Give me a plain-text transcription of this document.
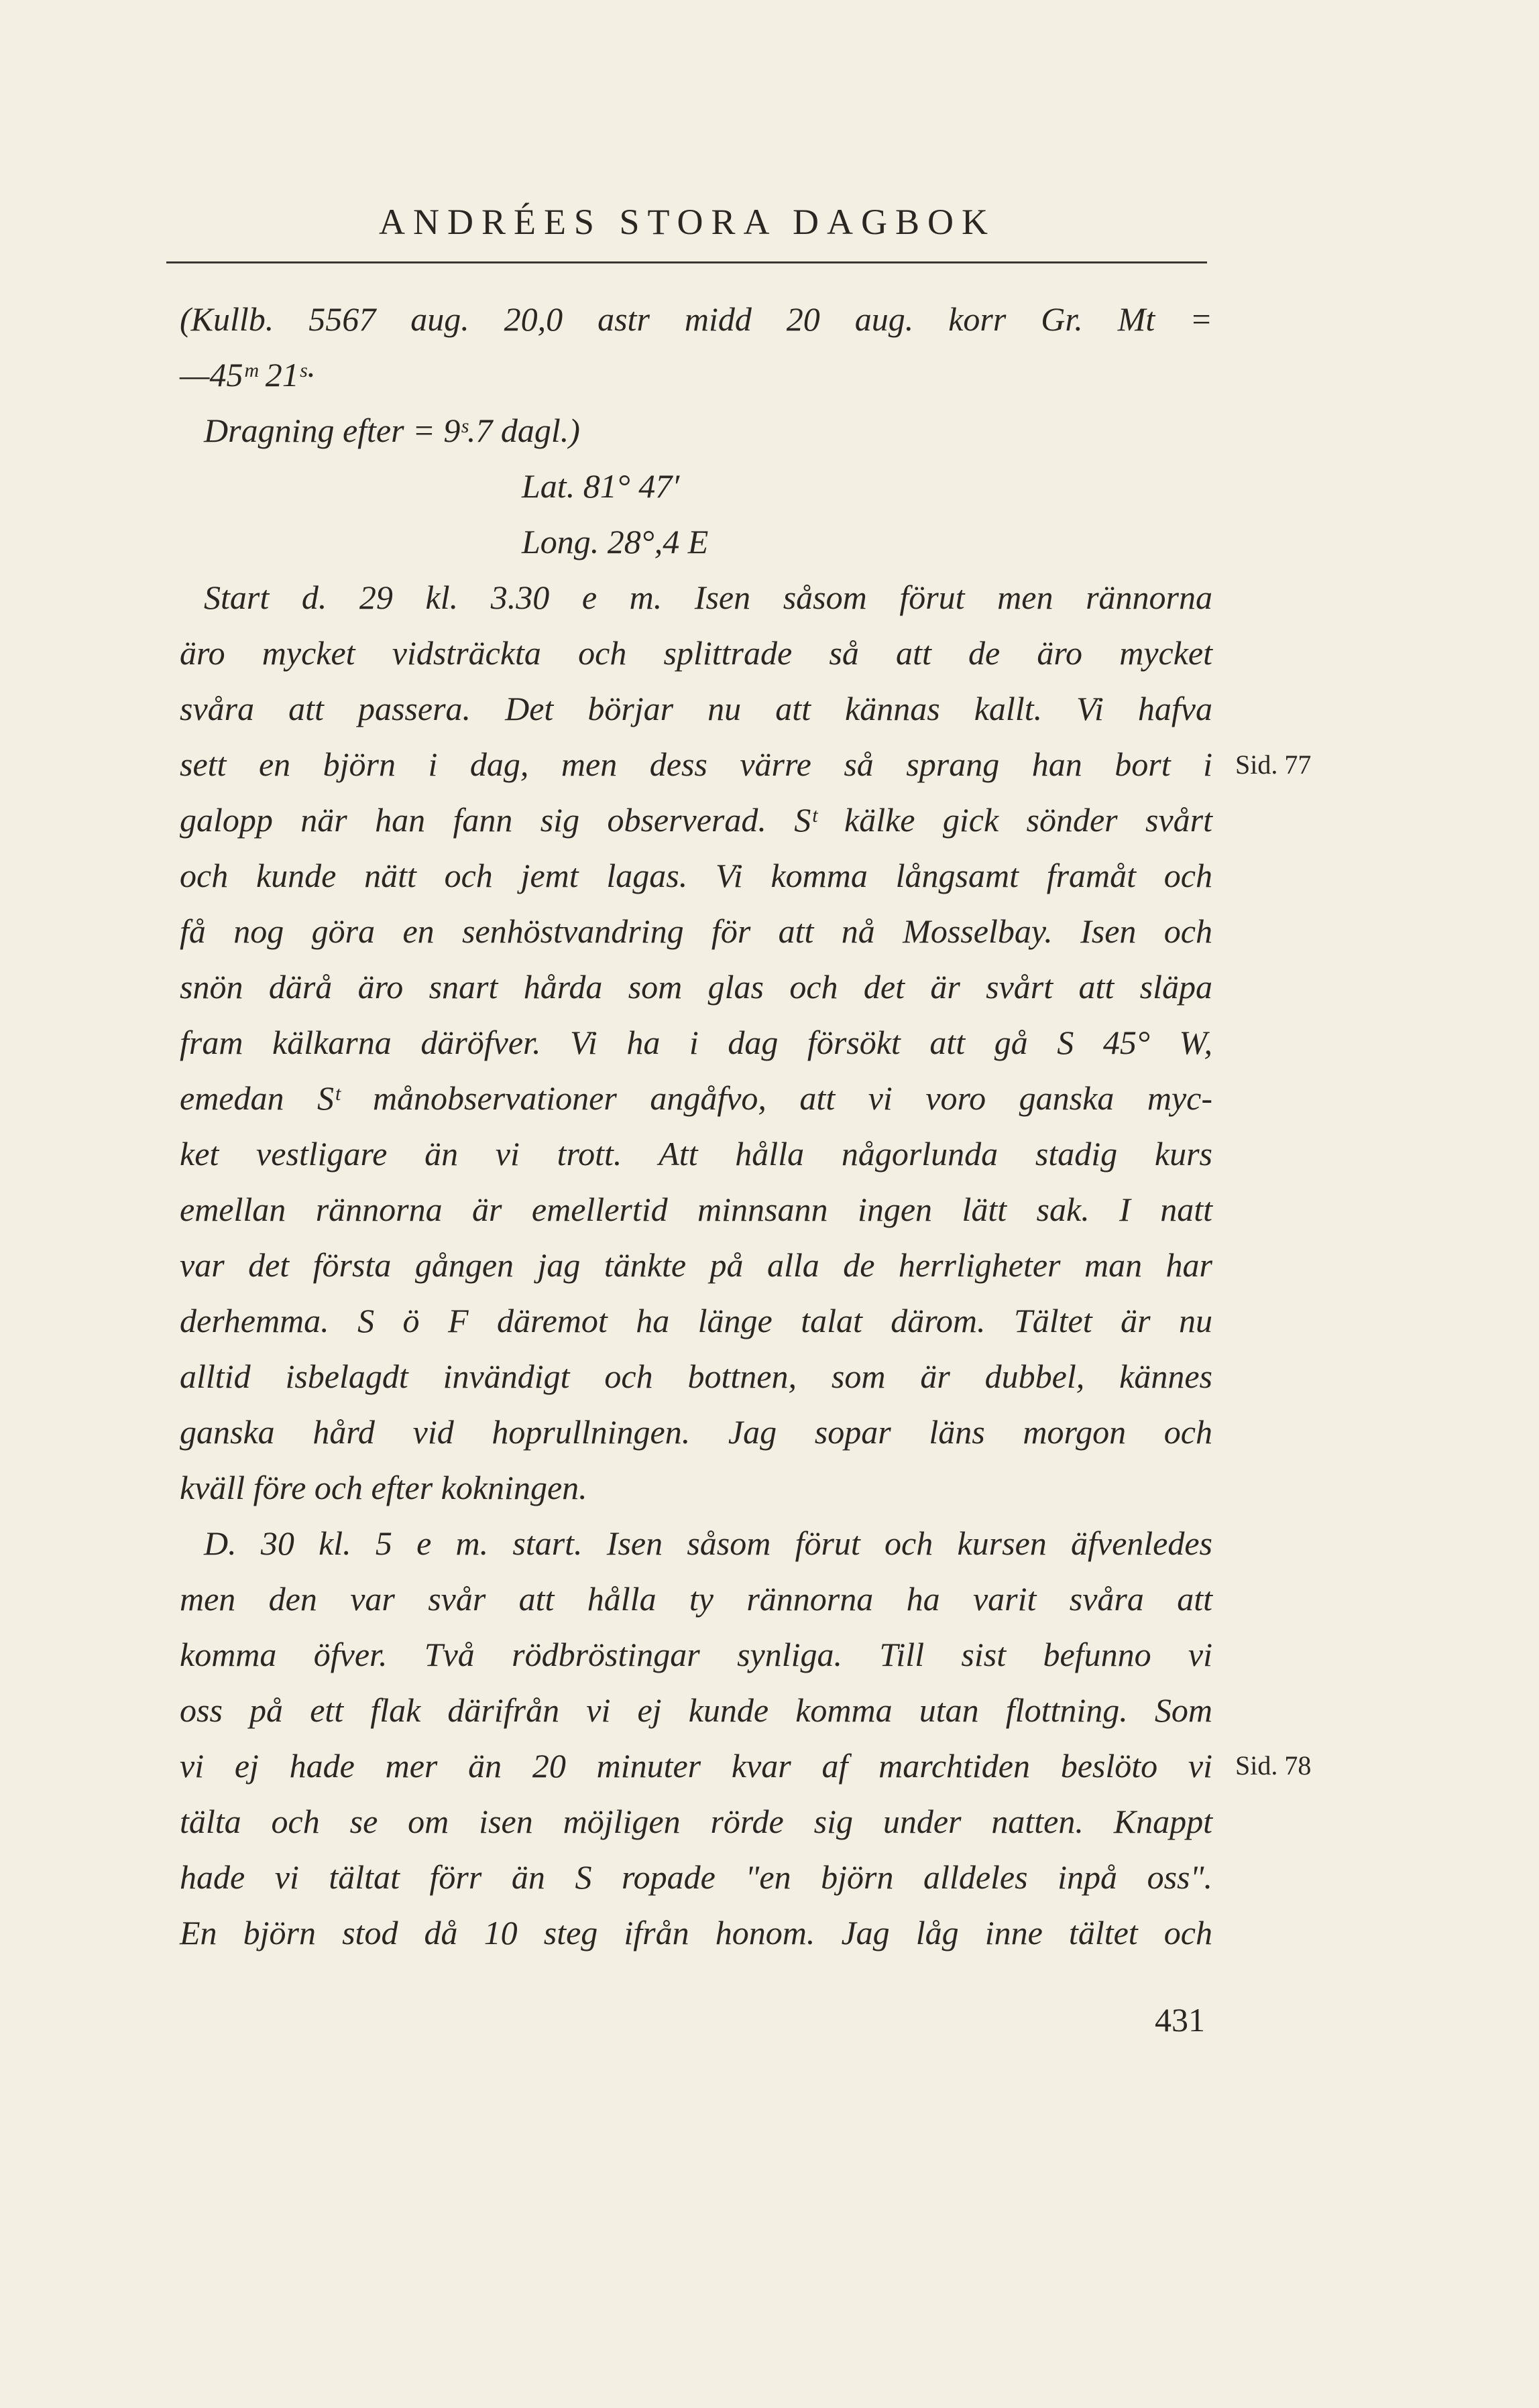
ANDRÉES STORA DAGBOK
(Kullb. 5567 aug. 20,0 astr midd 20 aug. korr Gr. Mt =
—45ᵐ 21ˢ·
Dragning efter = 9ˢ.7 dagl.)
Lat. 81° 47′
Long. 28°,4 E
Start d. 29 kl. 3.30 e m. Isen såsom förut men rännorna
äro mycket vidsträckta och splittrade så att de äro mycket
svåra att passera. Det börjar nu att kännas kallt. Vi hafva
sett en björn i dag, men dess värre så sprang han bort i
galopp när han fann sig observerad. Sᵗ kälke gick sönder svårt
och kunde nätt och jemt lagas. Vi komma långsamt framåt och
få nog göra en senhöstvandring för att nå Mosselbay. Isen och
snön därå äro snart hårda som glas och det är svårt att släpa
fram kälkarna däröfver. Vi ha i dag försökt att gå S 45° W,
emedan Sᵗ månobservationer angåfvo, att vi voro ganska myc-
ket vestligare än vi trott. Att hålla någorlunda stadig kurs
emellan rännorna är emellertid minnsann ingen lätt sak. I natt
var det första gången jag tänkte på alla de herrligheter man har
derhemma. S ö F däremot ha länge talat därom. Tältet är nu
alltid isbelagdt invändigt och bottnen, som är dubbel, kännes
ganska hård vid hoprullningen. Jag sopar läns morgon och
kväll före och efter kokningen.
D. 30 kl. 5 e m. start. Isen såsom förut och kursen äfvenledes
men den var svår att hålla ty rännorna ha varit svåra att
komma öfver. Två rödbröstingar synliga. Till sist befunno vi
oss på ett flak därifrån vi ej kunde komma utan flottning. Som
vi ej hade mer än 20 minuter kvar af marchtiden beslöto vi
tälta och se om isen möjligen rörde sig under natten. Knappt
hade vi tältat förr än S ropade "en björn alldeles inpå oss".
En björn stod då 10 steg ifrån honom. Jag låg inne tältet och
Sid. 77
Sid. 78
431
